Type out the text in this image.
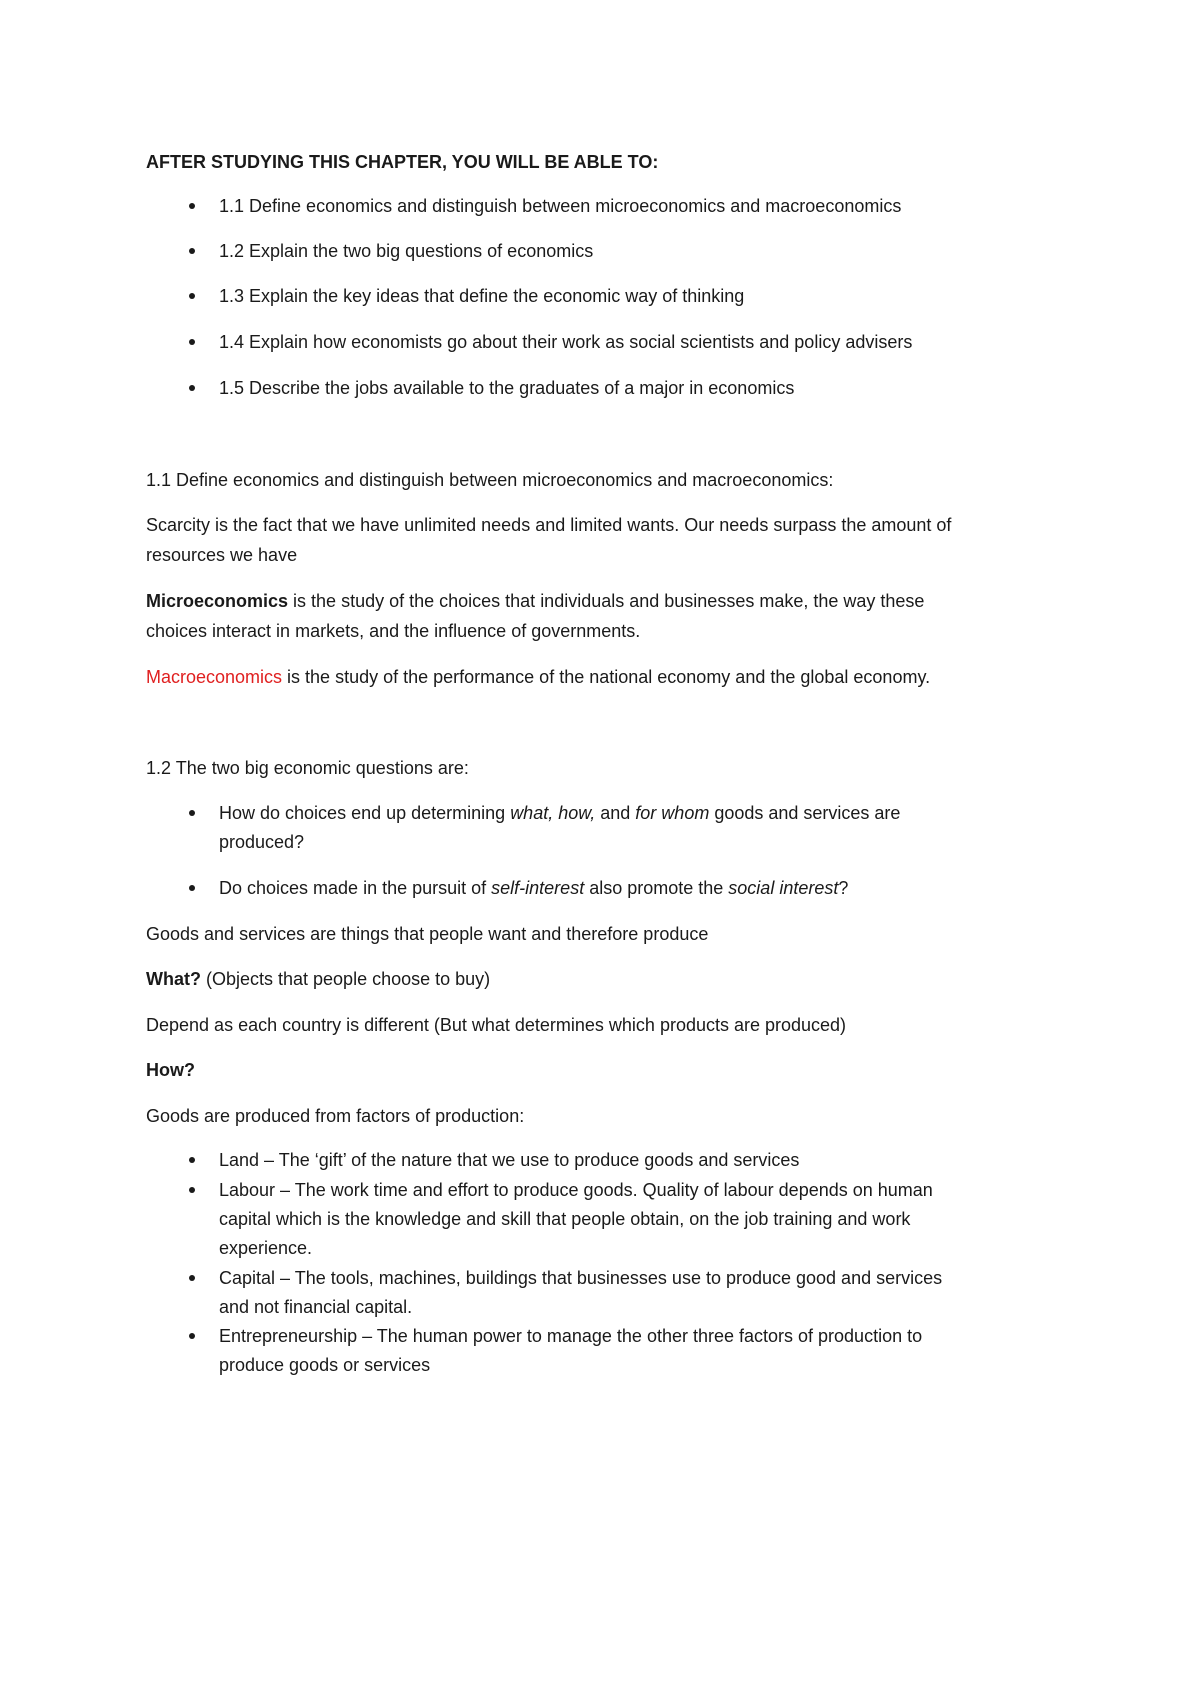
AFTER STUDYING THIS CHAPTER, YOU WILL BE ABLE TO:

1.1 Define economics and distinguish between microeconomics and macroeconomics

1.2 Explain the two big questions of economics

1.3 Explain the key ideas that define the economic way of thinking

1.4 Explain how economists go about their work as social scientists and policy advisers

1.5 Describe the jobs available to the graduates of a major in economics

1.1 Define economics and distinguish between microeconomics and macroeconomics:

Scarcity is the fact that we have unlimited needs and limited wants. Our needs surpass the amount of

resources we have

Microeconomics is the study of the choices that individuals and businesses make, the way these

choices interact in markets, and the influence of governments.

Macroeconomics is the study of the performance of the national economy and the global economy.

1.2 The two big economic questions are:

How do choices end up determining what, how, and for whom goods and services are

produced?

Do choices made in the pursuit of self-interest also promote the social interest?

Goods and services are things that people want and therefore produce

What? (Objects that people choose to buy)

Depend as each country is different (But what determines which products are produced)

How?

Goods are produced from factors of production:

Land – The ‘gift’ of the nature that we use to produce goods and services

Labour – The work time and effort to produce goods. Quality of labour depends on human

capital which is the knowledge and skill that people obtain, on the job training and work

experience.

Capital – The tools, machines, buildings that businesses use to produce good and services

and not financial capital.

Entrepreneurship – The human power to manage the other three factors of production to

produce goods or services
